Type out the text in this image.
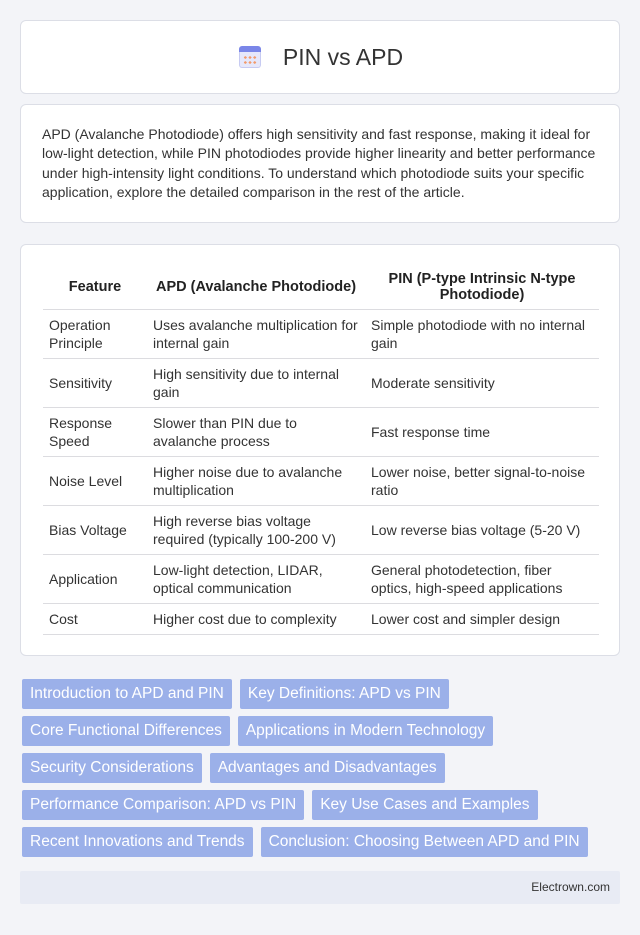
PIN vs APD

APD (Avalanche Photodiode) offers high sensitivity and fast response, making it ideal for low-light detection, while PIN photodiodes provide higher linearity and better performance under high-intensity light conditions. To understand which photodiode suits your specific application, explore the detailed comparison in the rest of the article.

Feature	APD (Avalanche Photodiode)	PIN (P-type Intrinsic N-type Photodiode)
Operation Principle	Uses avalanche multiplication for internal gain	Simple photodiode with no internal gain
Sensitivity	High sensitivity due to internal gain	Moderate sensitivity
Response Speed	Slower than PIN due to avalanche process	Fast response time
Noise Level	Higher noise due to avalanche multiplication	Lower noise, better signal-to-noise ratio
Bias Voltage	High reverse bias voltage required (typically 100-200 V)	Low reverse bias voltage (5-20 V)
Application	Low-light detection, LIDAR, optical communication	General photodetection, fiber optics, high-speed applications
Cost	Higher cost due to complexity	Lower cost and simpler design
Introduction to APD and PIN	Key Definitions: APD vs PIN
Core Functional Differences	Applications in Modern Technology
Security Considerations	Advantages and Disadvantages
Performance Comparison: APD vs PIN	Key Use Cases and Examples
Recent Innovations and Trends	Conclusion: Choosing Between APD and PIN
Electrown.com
